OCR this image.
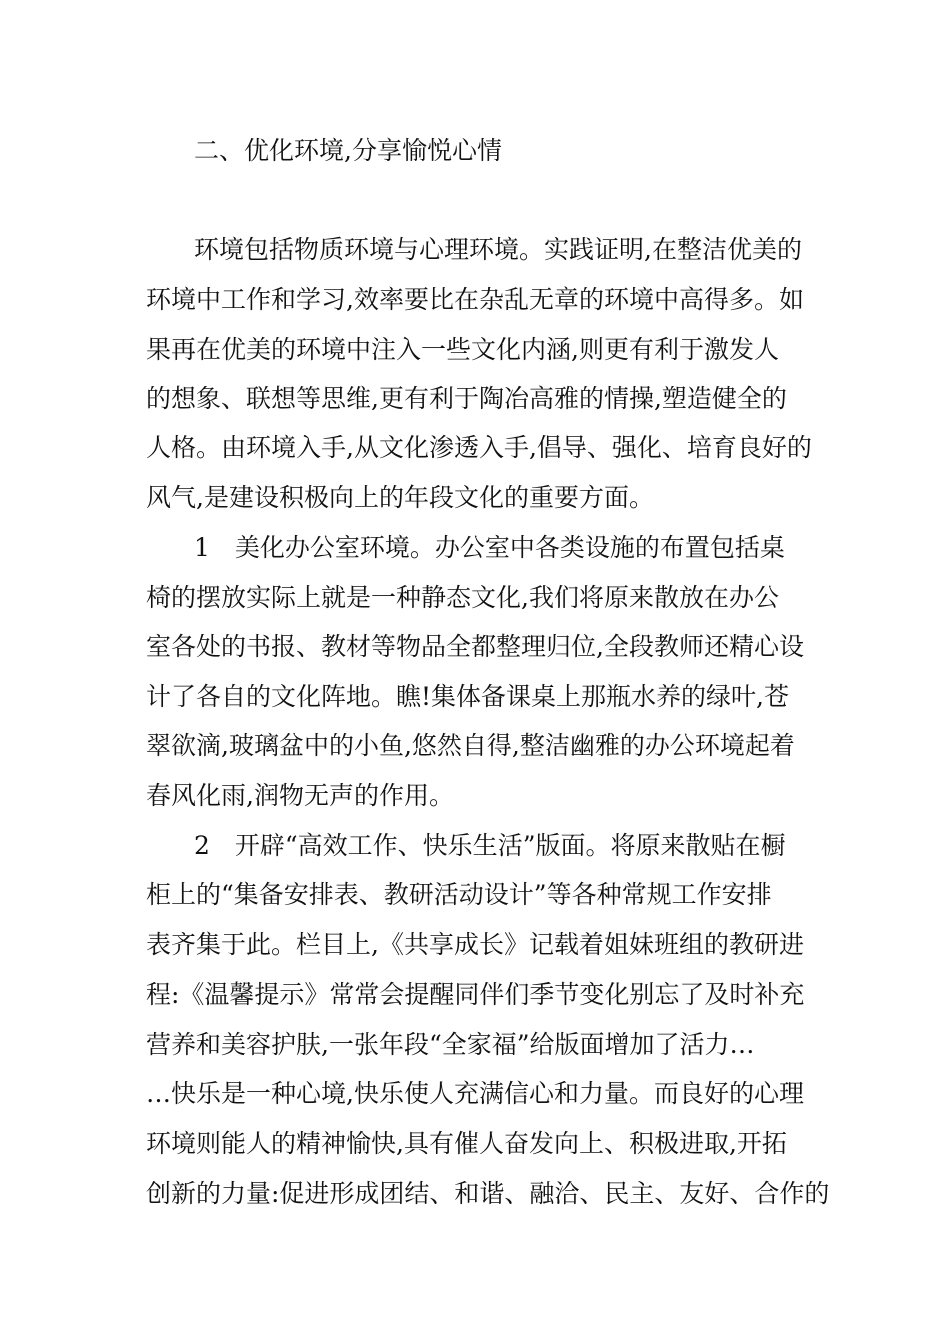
二、优化环境,分享愉悦心情
环境包括物质环境与心理环境。实践证明,在整洁优美的
环境中工作和学习,效率要比在杂乱无章的环境中高得多。如
果再在优美的环境中注入一些文化内涵,则更有利于激发人
的想象、联想等思维,更有利于陶冶高雅的情操,塑造健全的
人格。由环境入手,从文化渗透入手,倡导、强化、培育良好的
风气,是建设积极向上的年段文化的重要方面。
1　美化办公室环境。办公室中各类设施的布置包括桌
椅的摆放实际上就是一种静态文化,我们将原来散放在办公
室各处的书报、教材等物品全都整理归位,全段教师还精心设
计了各自的文化阵地。瞧!集体备课桌上那瓶水养的绿叶,苍
翠欲滴,玻璃盆中的小鱼,悠然自得,整洁幽雅的办公环境起着
春风化雨,润物无声的作用。
2　开辟“高效工作、快乐生活”版面。将原来散贴在橱
柜上的“集备安排表、教研活动设计”等各种常规工作安排
表齐集于此。栏目上,《共享成长》记载着姐妹班组的教研进
程:《温馨提示》常常会提醒同伴们季节变化别忘了及时补充
营养和美容护肤,一张年段“全家福”给版面增加了活力…
…快乐是一种心境,快乐使人充满信心和力量。而良好的心理
环境则能人的精神愉快,具有催人奋发向上、积极进取,开拓
创新的力量:促进形成团结、和谐、融洽、民主、友好、合作的
